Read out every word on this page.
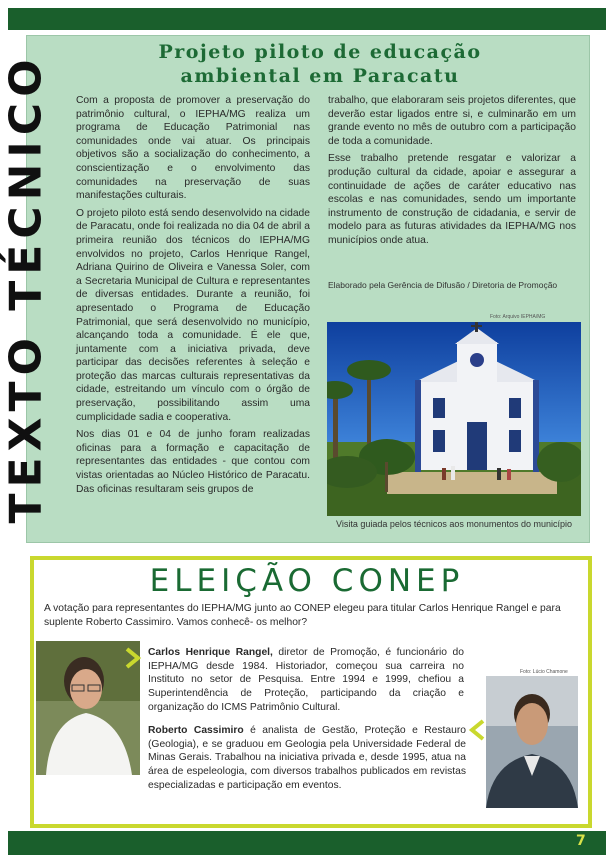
TEXTO TÉCNICO
Projeto piloto de educação
ambiental em Paracatu

Com a proposta de promover a preservação do patrimônio cultural, o IEPHA/MG realiza um programa de Educação Patrimonial nas comunidades onde vai atuar. Os principais objetivos são a socialização do conhecimento, a conscientização e o envolvimento das comunidades na preservação de suas manifestações culturais.

O projeto piloto está sendo desenvolvido na cidade de Paracatu, onde foi realizada no dia 04 de abril a primeira reunião dos técnicos do IEPHA/MG envolvidos no projeto, Carlos Henrique Rangel, Adriana Quirino de Oliveira e Vanessa Soler, com a Secretaria Municipal de Cultura e representantes de diversas entidades. Durante a reunião, foi apresentado o Programa de Educação Patrimonial, que será desenvolvido no município, alcançando toda a comunidade. É ele que, juntamente com a iniciativa privada, deve participar das decisões referentes à seleção e proteção das marcas culturais representativas da cidade, estreitando um vínculo com o órgão de preservação, possibilitando assim uma cumplicidade sadia e cooperativa.

Nos dias 01 e 04 de junho foram realizadas oficinas para a formação e capacitação de representantes das entidades - que contou com vistas orientadas ao Núcleo Histórico de Paracatu. Das oficinas resultaram seis grupos de

trabalho, que elaboraram seis projetos diferentes, que deverão estar ligados entre si, e culminarão em um grande evento no mês de outubro com a participação de toda a comunidade.

Esse trabalho pretende resgatar e valorizar a produção cultural da cidade, apoiar e assegurar a continuidade de ações de caráter educativo nas escolas e nas comunidades, sendo um importante instrumento de construção de cidadania, e servir de modelo para as futuras atividades da IEPHA/MG nos municípios onde atua.

Elaborado pela Gerência de Difusão / Diretoria de Promoção
Foto: Arquivo IEPHA/MG
Visita guiada pelos técnicos aos monumentos do município
ELEIÇÃO CONEP
A votação para representantes do IEPHA/MG junto ao CONEP elegeu para titular Carlos Henrique Rangel e para suplente Roberto Cassimiro. Vamos conhecê- os melhor?
Carlos Henrique Rangel, diretor de Promoção, é funcionário do IEPHA/MG desde 1984. Historiador, começou sua carreira no Instituto no setor de Pesquisa. Entre 1994 e 1999, chefiou a Superintendência de Proteção, participando da criação e organização do ICMS Patrimônio Cultural.
Roberto Cassimiro é analista de Gestão, Proteção e Restauro (Geologia), e se graduou em Geologia pela Universidade Federal de Minas Gerais. Trabalhou na iniciativa privada e, desde 1995, atua na área de espeleologia, com diversos trabalhos publicados em revistas especializadas e participação em eventos.
Foto: Lúcio Chamone
7
